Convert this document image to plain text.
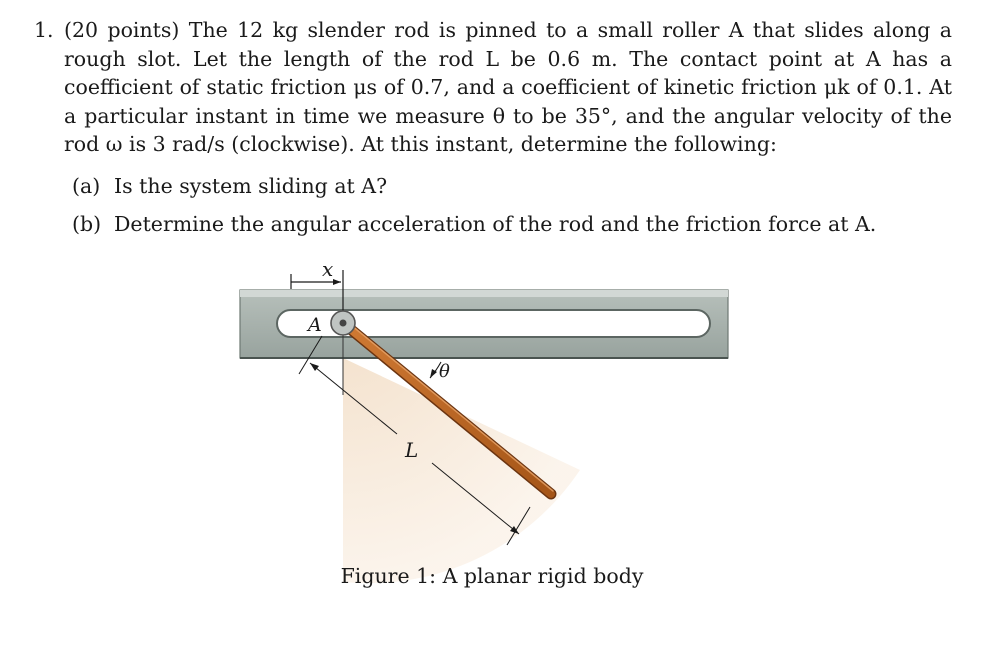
1. (20 points) The 12 kg slender rod is pinned to a small roller A that slides along a rough slot. Let the length of the rod L be 0.6 m. The contact point at A has a coefficient of static friction μs of 0.7, and a coefficient of kinetic friction μk of 0.1. At a particular instant in time we measure θ to be 35°, and the angular velocity of the rod ω is 3 rad/s (clockwise). At this instant, determine the following:
(a) Is the system sliding at A?
(b) Determine the angular acceleration of the rod and the friction force at A.
x
A
θ
L
Figure 1: A planar rigid body
